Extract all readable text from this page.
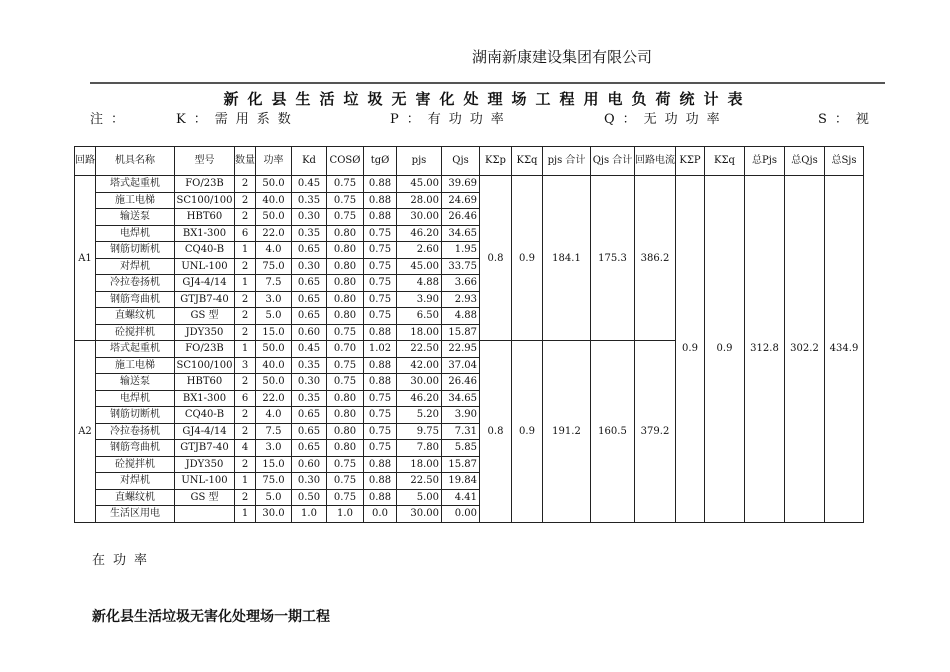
湖南新康建设集团有限公司
新化县生活垃圾无害化处理场工程用电负荷统计表
注：	K：需用系数	P：有功功率	Q：无功功率	S：视
回路	机具名称	型号	数量	功率	Kd	COSØ	tgØ	pjs	Qjs	KΣp	KΣq	pjs 合计	Qjs 合计	回路电流	KΣP	KΣq	总Pjs	总Qjs	总Sjs
A1	塔式起重机	FO/23B	2	50.0	0.45	0.75	0.88	45.00	39.69	0.8	0.9	184.1	175.3	386.2	0.9	0.9	312.8	302.2	434.9
	施工电梯	SC100/100	2	40.0	0.35	0.75	0.88	28.00	24.69										
	输送泵	HBT60	2	50.0	0.30	0.75	0.88	30.00	26.46										
	电焊机	BX1-300	6	22.0	0.35	0.80	0.75	46.20	34.65										
	钢筋切断机	CQ40-B	1	4.0	0.65	0.80	0.75	2.60	1.95										
	对焊机	UNL-100	2	75.0	0.30	0.80	0.75	45.00	33.75										
	冷拉卷扬机	GJ4-4/14	1	7.5	0.65	0.80	0.75	4.88	3.66										
	钢筋弯曲机	GTJB7-40	2	3.0	0.65	0.80	0.75	3.90	2.93										
	直螺纹机	GS 型	2	5.0	0.65	0.80	0.75	6.50	4.88										
	砼搅拌机	JDY350	2	15.0	0.60	0.75	0.88	18.00	15.87										
A2	塔式起重机	FO/23B	1	50.0	0.45	0.70	1.02	22.50	22.95	0.8	0.9	191.2	160.5	379.2					
	施工电梯	SC100/100	3	40.0	0.35	0.75	0.88	42.00	37.04										
	输送泵	HBT60	2	50.0	0.30	0.75	0.88	30.00	26.46										
	电焊机	BX1-300	6	22.0	0.35	0.80	0.75	46.20	34.65										
	钢筋切断机	CQ40-B	2	4.0	0.65	0.80	0.75	5.20	3.90										
	冷拉卷扬机	GJ4-4/14	2	7.5	0.65	0.80	0.75	9.75	7.31										
	钢筋弯曲机	GTJB7-40	4	3.0	0.65	0.80	0.75	7.80	5.85										
	砼搅拌机	JDY350	2	15.0	0.60	0.75	0.88	18.00	15.87										
	对焊机	UNL-100	1	75.0	0.30	0.75	0.88	22.50	19.84										
	直螺纹机	GS 型	2	5.0	0.50	0.75	0.88	5.00	4.41										
	生活区用电		1	30.0	1.0	1.0	0.0	30.00	0.00										
在功率
新化县生活垃圾无害化处理场一期工程
